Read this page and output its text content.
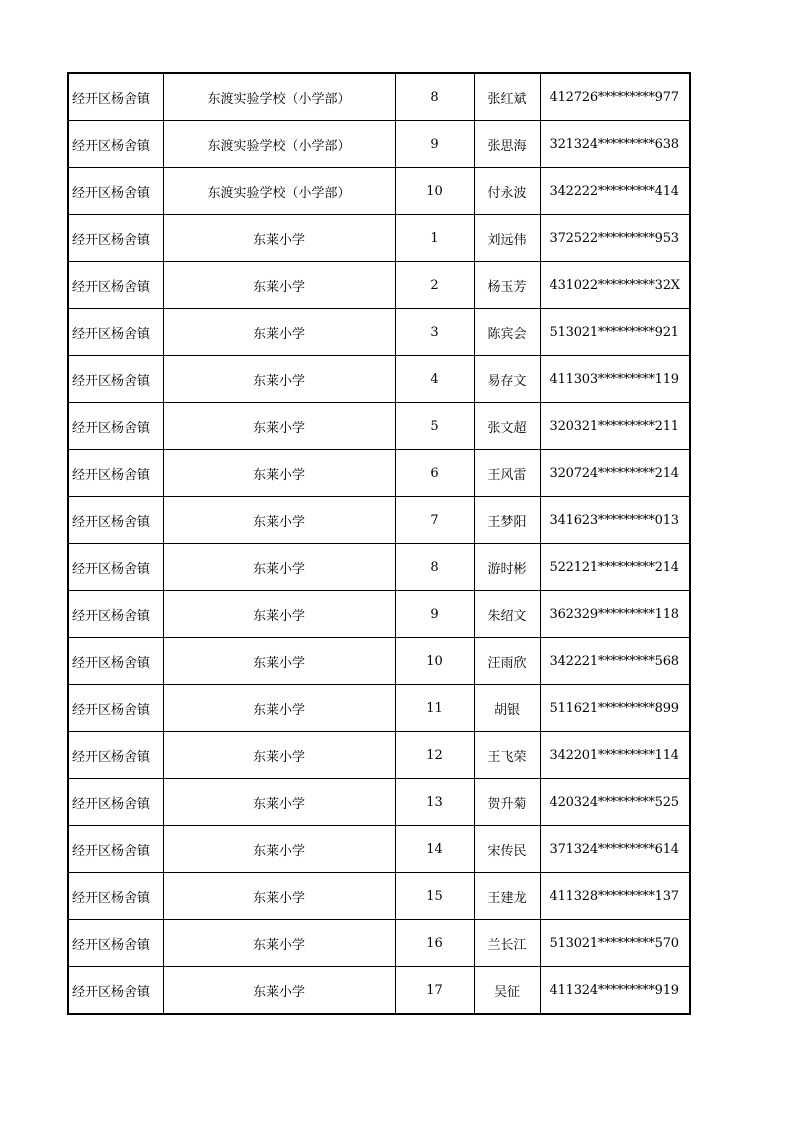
经开区杨舍镇	东渡实验学校（小学部）	8	张红斌	412726*********977
经开区杨舍镇	东渡实验学校（小学部）	9	张思海	321324*********638
经开区杨舍镇	东渡实验学校（小学部）	10	付永波	342222*********414
经开区杨舍镇	东莱小学	1	刘远伟	372522*********953
经开区杨舍镇	东莱小学	2	杨玉芳	431022*********32X
经开区杨舍镇	东莱小学	3	陈宾会	513021*********921
经开区杨舍镇	东莱小学	4	易存文	411303*********119
经开区杨舍镇	东莱小学	5	张文超	320321*********211
经开区杨舍镇	东莱小学	6	王风雷	320724*********214
经开区杨舍镇	东莱小学	7	王梦阳	341623*********013
经开区杨舍镇	东莱小学	8	游时彬	522121*********214
经开区杨舍镇	东莱小学	9	朱绍文	362329*********118
经开区杨舍镇	东莱小学	10	汪雨欣	342221*********568
经开区杨舍镇	东莱小学	11	胡银	511621*********899
经开区杨舍镇	东莱小学	12	王飞荣	342201*********114
经开区杨舍镇	东莱小学	13	贺升菊	420324*********525
经开区杨舍镇	东莱小学	14	宋传民	371324*********614
经开区杨舍镇	东莱小学	15	王建龙	411328*********137
经开区杨舍镇	东莱小学	16	兰长江	513021*********570
经开区杨舍镇	东莱小学	17	吴征	411324*********919
